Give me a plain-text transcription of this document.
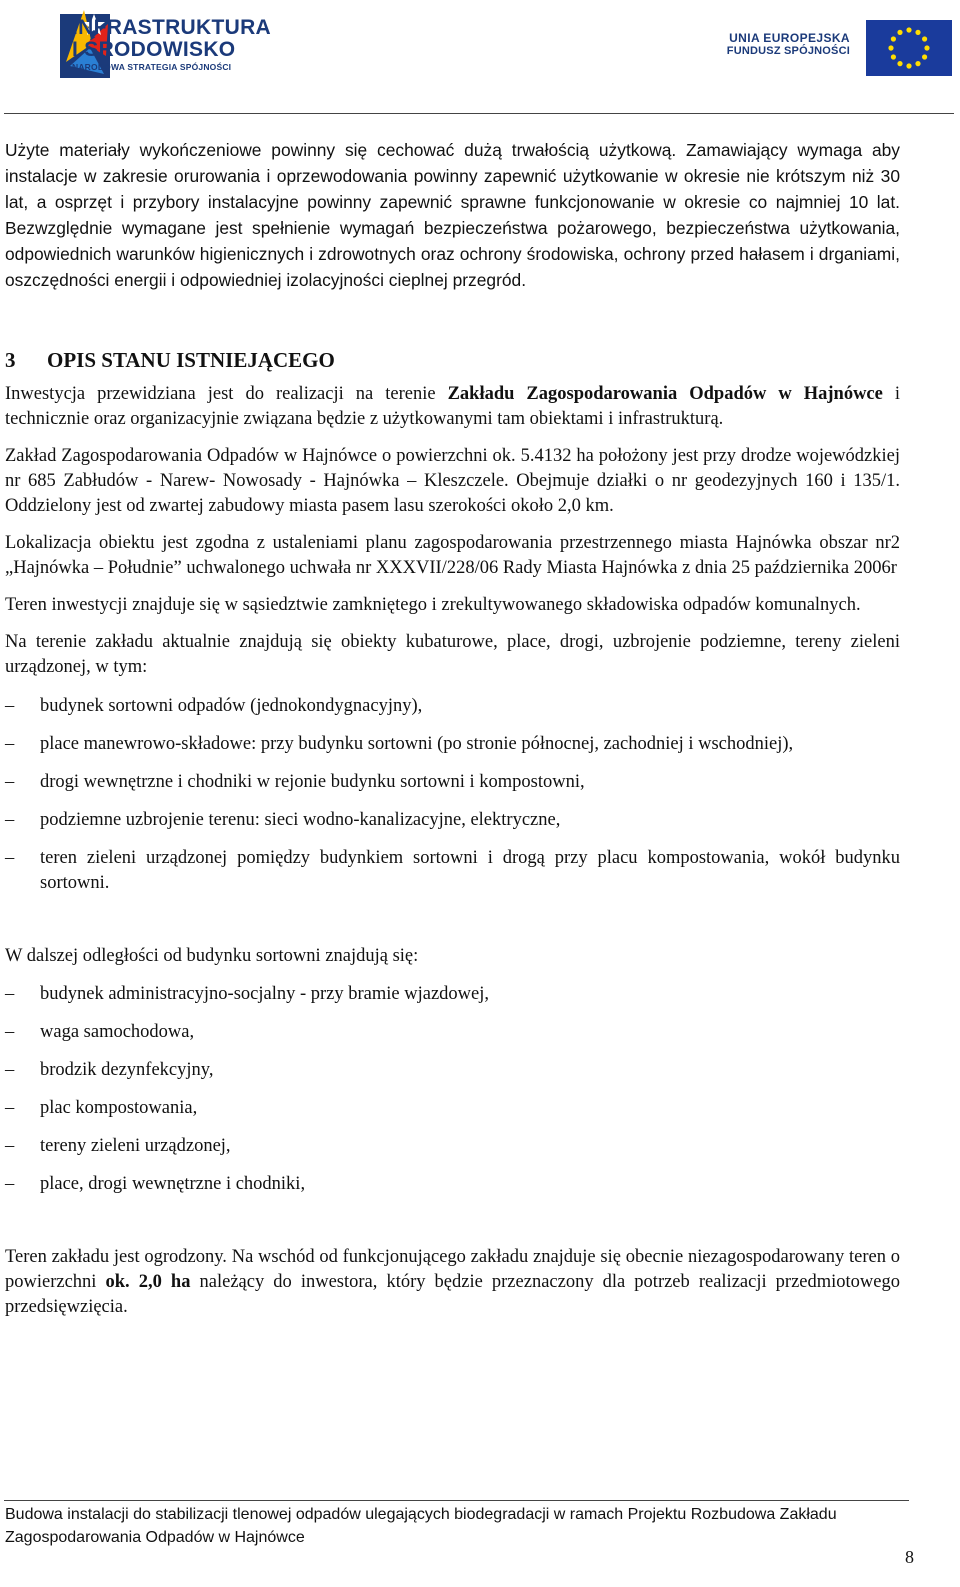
INFRASTRUKTURA
I ŚRODOWISKO
NARODOWA STRATEGIA SPÓJNOŚCI
UNIA EUROPEJSKA
FUNDUSZ SPÓJNOŚCI

Użyte materiały wykończeniowe powinny się cechować dużą trwałością użytkową. Zamawiający wymaga aby instalacje w zakresie orurowania i oprzewodowania powinny zapewnić użytkowanie w okresie nie krótszym niż 30 lat, a osprzęt i przybory instalacyjne powinny zapewnić sprawne funkcjonowanie w okresie co najmniej 10 lat. Bezwzględnie wymagane jest spełnienie wymagań bezpieczeństwa pożarowego, bezpieczeństwa użytkowania, odpowiednich warunków higienicznych i zdrowotnych oraz ochrony środowiska, ochrony przed hałasem i drganiami, oszczędności energii i odpowiedniej izolacyjności cieplnej przegród.

3	OPIS STANU ISTNIEJĄCEGO

Inwestycja przewidziana jest do realizacji na terenie Zakładu Zagospodarowania Odpadów w Hajnówce i technicznie oraz organizacyjnie związana będzie z użytkowanymi tam obiektami i infrastrukturą.

Zakład Zagospodarowania Odpadów w Hajnówce o powierzchni ok. 5.4132 ha położony jest przy drodze wojewódzkiej nr 685 Zabłudów - Narew- Nowosady - Hajnówka – Kleszczele. Obejmuje działki o nr geodezyjnych 160 i 135/1. Oddzielony jest od zwartej zabudowy miasta pasem lasu szerokości około 2,0 km.

Lokalizacja obiektu jest zgodna z ustaleniami planu zagospodarowania przestrzennego miasta Hajnówka obszar nr2 „Hajnówka – Południe” uchwalonego uchwała nr XXXVII/228/06 Rady Miasta Hajnówka z dnia 25 października 2006r

Teren inwestycji znajduje się w sąsiedztwie zamkniętego i zrekultywowanego składowiska odpadów komunalnych.

Na terenie zakładu aktualnie znajdują się obiekty kubaturowe, place, drogi, uzbrojenie podziemne, tereny zieleni urządzonej, w tym:

– budynek sortowni odpadów (jednokondygnacyjny),
– place manewrowo-składowe: przy budynku sortowni (po stronie północnej, zachodniej i wschodniej),
– drogi wewnętrzne i chodniki w rejonie budynku sortowni i kompostowni,
– podziemne uzbrojenie terenu: sieci wodno-kanalizacyjne, elektryczne,
– teren zieleni urządzonej pomiędzy budynkiem sortowni i drogą przy placu kompostowania, wokół budynku sortowni.

W dalszej odległości od budynku sortowni znajdują się:

– budynek administracyjno-socjalny - przy bramie wjazdowej,
– waga samochodowa,
– brodzik dezynfekcyjny,
– plac kompostowania,
– tereny zieleni urządzonej,
– place, drogi wewnętrzne i chodniki,

Teren zakładu jest ogrodzony. Na wschód od funkcjonującego zakładu znajduje się obecnie niezagospodarowany teren o powierzchni ok. 2,0 ha należący do inwestora, który będzie przeznaczony dla potrzeb realizacji przedmiotowego przedsięwzięcia.

Budowa instalacji do stabilizacji tlenowej odpadów ulegających biodegradacji w ramach Projektu Rozbudowa Zakładu
Zagospodarowania Odpadów w Hajnówce
8
